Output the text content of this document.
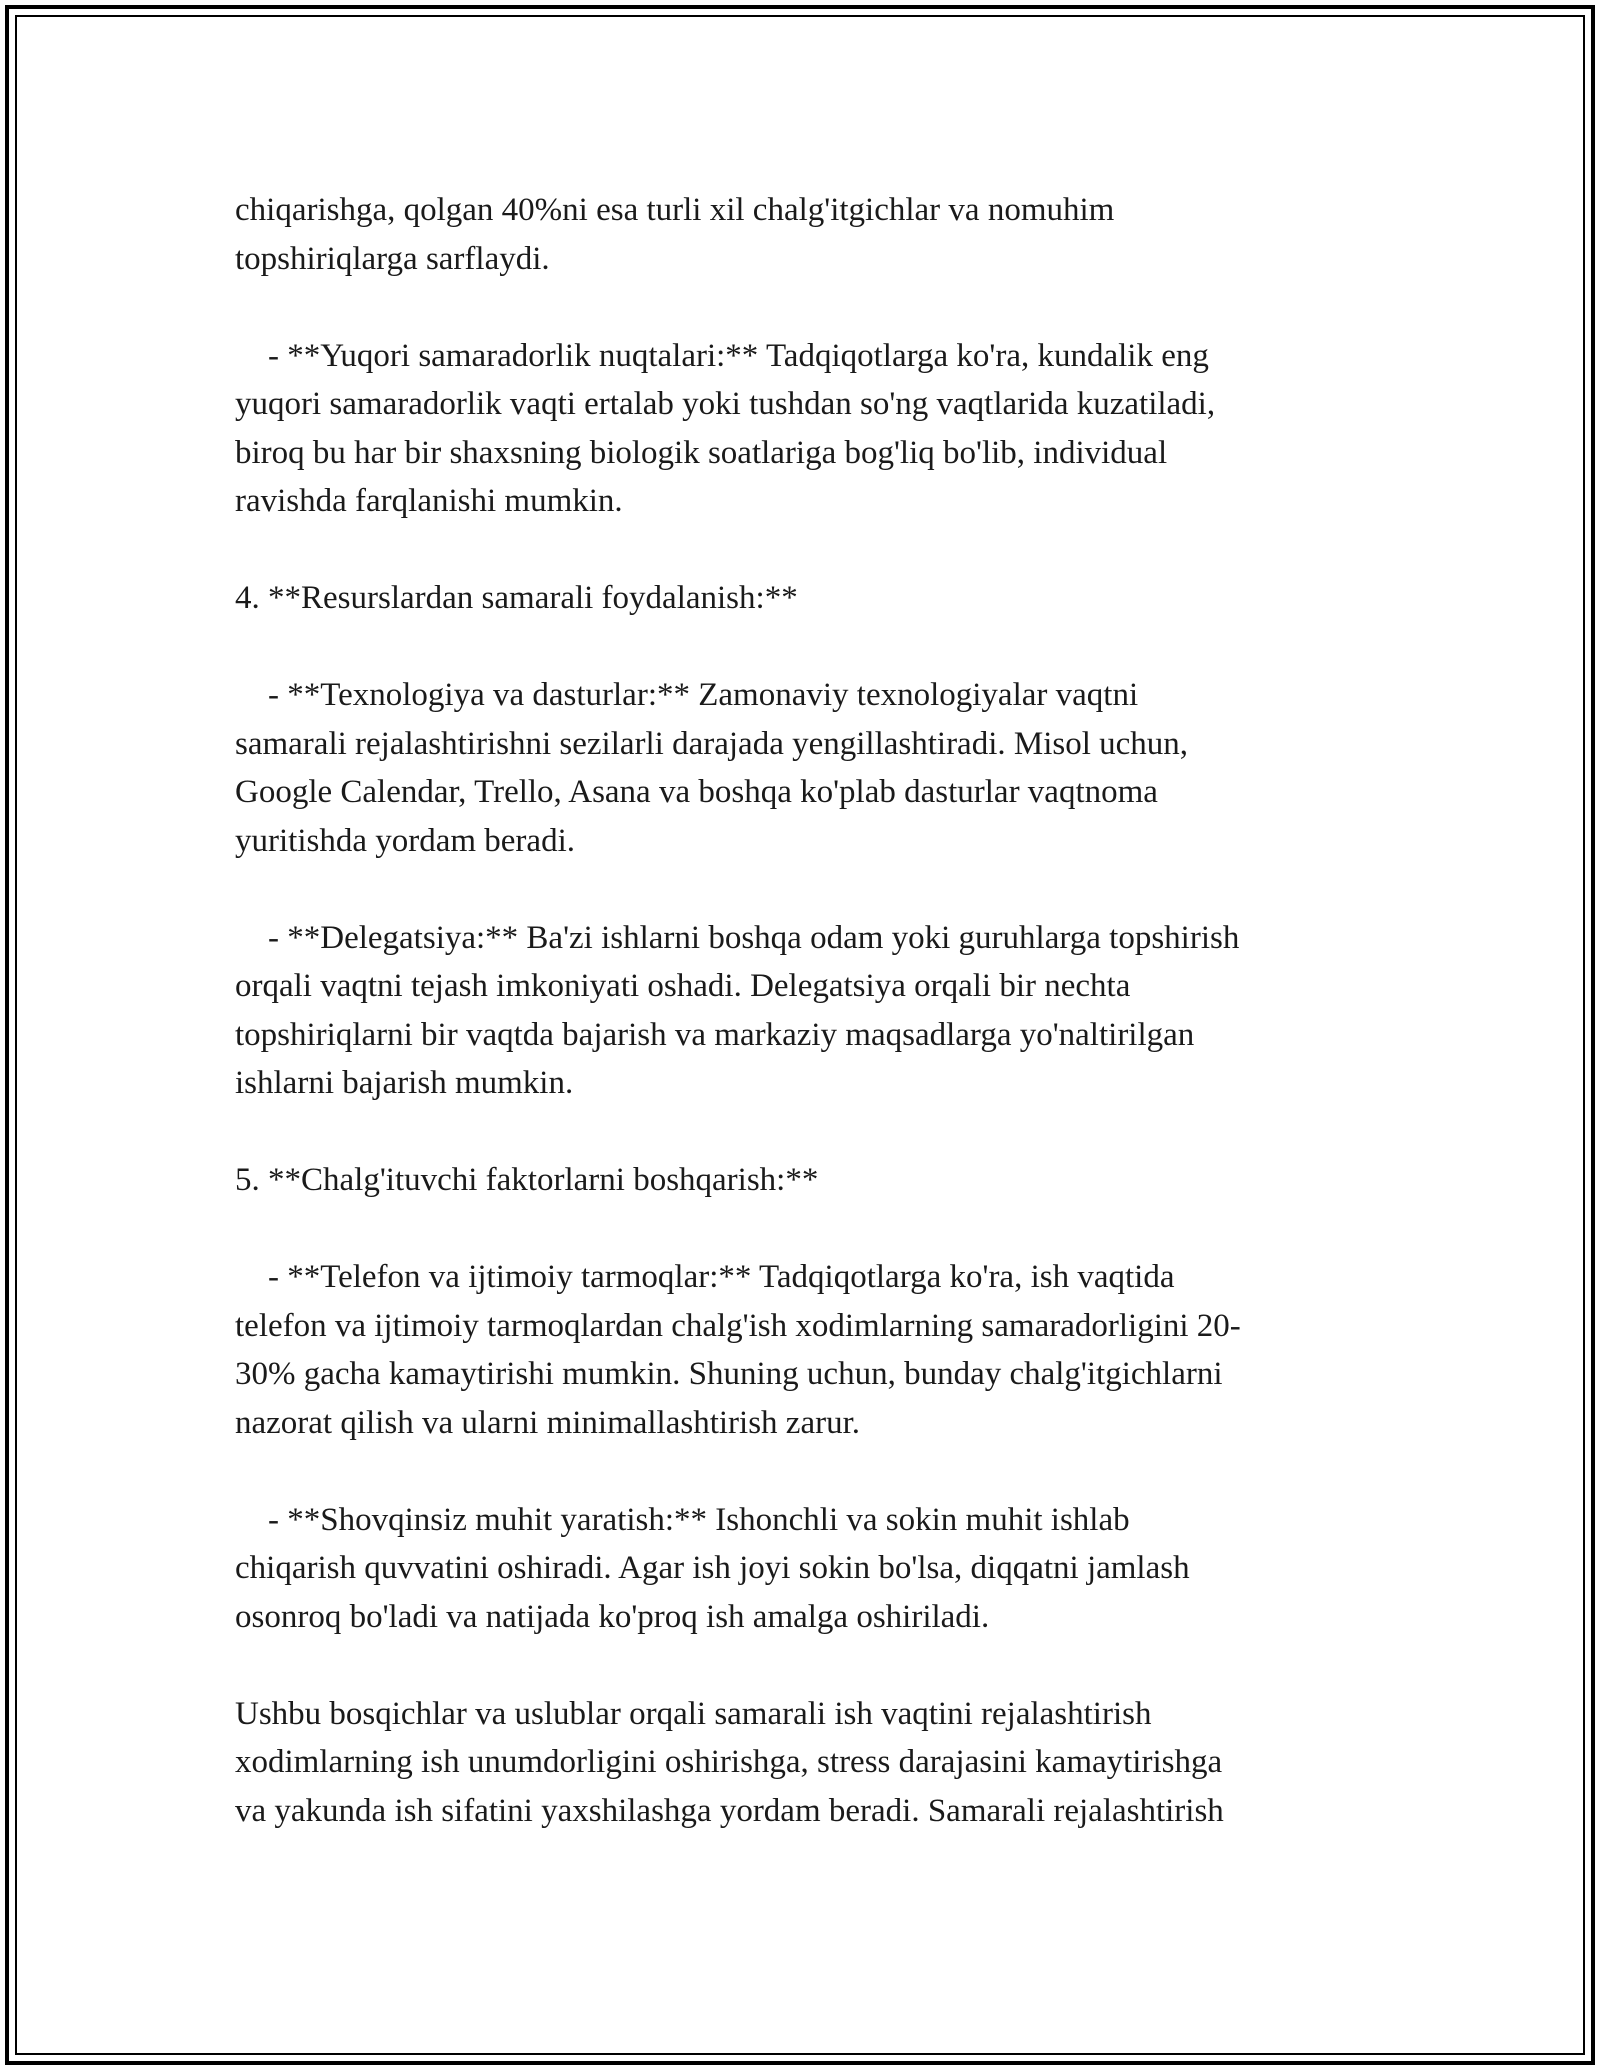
chiqarishga, qolgan 40%ni esa turli xil chalg'itgichlar va nomuhim
topshiriqlarga sarflaydi.

- **Yuqori samaradorlik nuqtalari:** Tadqiqotlarga ko'ra, kundalik eng
yuqori samaradorlik vaqti ertalab yoki tushdan so'ng vaqtlarida kuzatiladi,
biroq bu har bir shaxsning biologik soatlariga bog'liq bo'lib, individual
ravishda farqlanishi mumkin.

4. **Resurslardan samarali foydalanish:**

- **Texnologiya va dasturlar:** Zamonaviy texnologiyalar vaqtni
samarali rejalashtirishni sezilarli darajada yengillashtiradi. Misol uchun,
Google Calendar, Trello, Asana va boshqa ko'plab dasturlar vaqtnoma
yuritishda yordam beradi.

- **Delegatsiya:** Ba'zi ishlarni boshqa odam yoki guruhlarga topshirish
orqali vaqtni tejash imkoniyati oshadi. Delegatsiya orqali bir nechta
topshiriqlarni bir vaqtda bajarish va markaziy maqsadlarga yo'naltirilgan
ishlarni bajarish mumkin.

5. **Chalg'ituvchi faktorlarni boshqarish:**

- **Telefon va ijtimoiy tarmoqlar:** Tadqiqotlarga ko'ra, ish vaqtida
telefon va ijtimoiy tarmoqlardan chalg'ish xodimlarning samaradorligini 20-
30% gacha kamaytirishi mumkin. Shuning uchun, bunday chalg'itgichlarni
nazorat qilish va ularni minimallashtirish zarur.

- **Shovqinsiz muhit yaratish:** Ishonchli va sokin muhit ishlab
chiqarish quvvatini oshiradi. Agar ish joyi sokin bo'lsa, diqqatni jamlash
osonroq bo'ladi va natijada ko'proq ish amalga oshiriladi.

Ushbu bosqichlar va uslublar orqali samarali ish vaqtini rejalashtirish
xodimlarning ish unumdorligini oshirishga, stress darajasini kamaytirishga
va yakunda ish sifatini yaxshilashga yordam beradi. Samarali rejalashtirish
